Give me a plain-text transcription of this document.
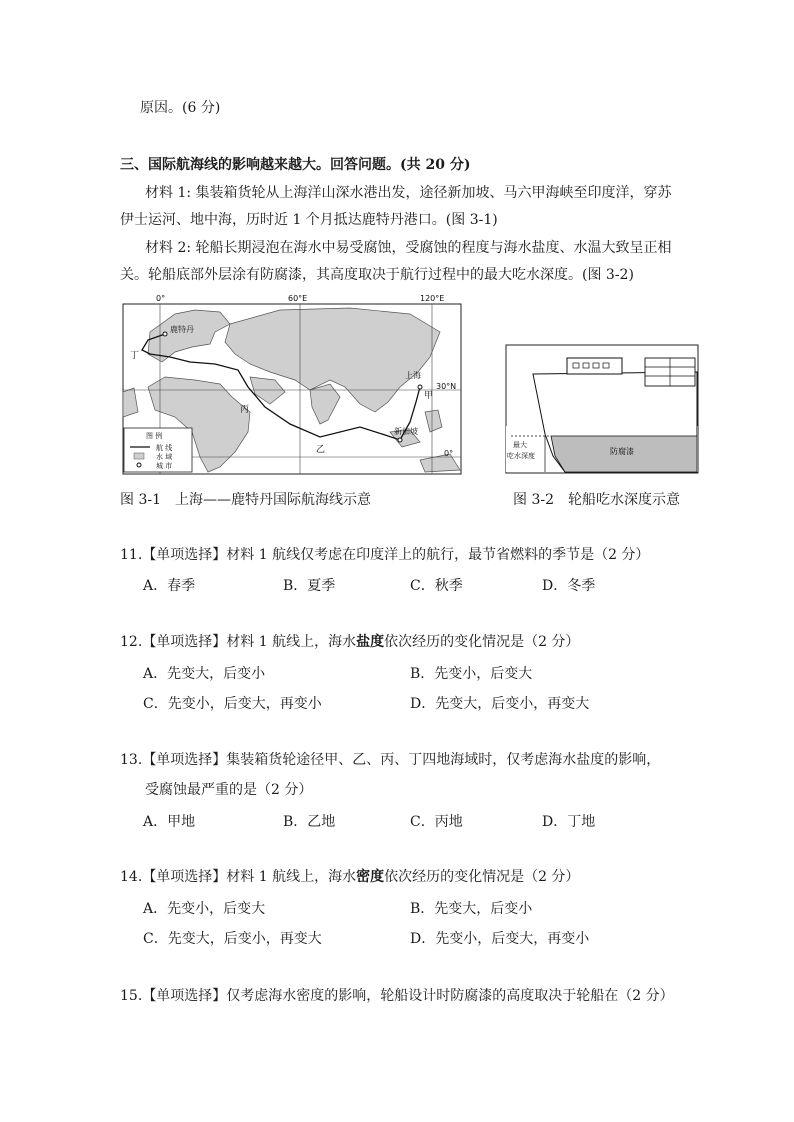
原因。(6 分)
三、国际航海线的影响越来越大。回答问题。(共 20 分)
材料 1: 集装箱货轮从上海洋山深水港出发，途径新加坡、马六甲海峡至印度洋，穿苏
伊士运河、地中海，历时近 1 个月抵达鹿特丹港口。(图 3-1)
材料 2: 轮船长期浸泡在海水中易受腐蚀，受腐蚀的程度与海水盐度、水温大致呈正相
关。轮船底部外层涂有防腐漆，其高度取决于航行过程中的最大吃水深度。(图 3-2)
0°	60°E	120°E
30°N
0°
鹿特丹
上海
新加坡
甲
乙
丙
丁
图 例
航 线
水 域
城 市
最大
吃水深度	防腐漆
图 3-1　上海——鹿特丹国际航海线示意	图 3-2　轮船吃水深度示意
11.【单项选择】材料 1 航线仅考虑在印度洋上的航行，最节省燃料的季节是（2 分）
A．春季	B．夏季	C．秋季	D．冬季
12.【单项选择】材料 1 航线上，海水盐度依次经历的变化情况是（2 分）
A．先变大，后变小	B．先变小，后变大
C．先变小，后变大，再变小	D．先变大，后变小，再变大
13.【单项选择】集装箱货轮途径甲、乙、丙、丁四地海域时，仅考虑海水盐度的影响，
受腐蚀最严重的是（2 分）
A．甲地	B．乙地	C．丙地	D．丁地
14.【单项选择】材料 1 航线上，海水密度依次经历的变化情况是（2 分）
A．先变小，后变大	B．先变大，后变小
C．先变大，后变小，再变大	D．先变小，后变大，再变小
15.【单项选择】仅考虑海水密度的影响，轮船设计时防腐漆的高度取决于轮船在（2 分）
